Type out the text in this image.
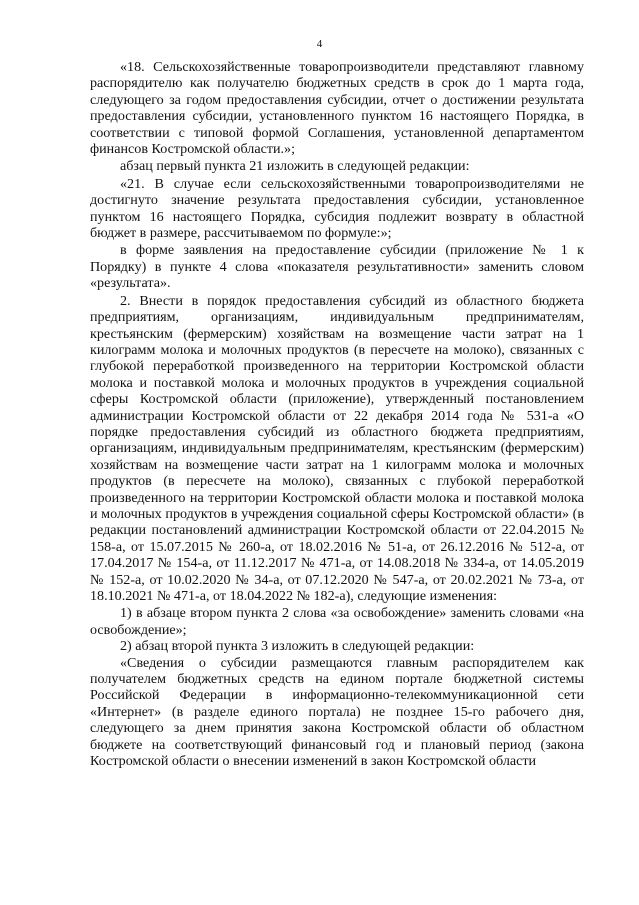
4

«18. Сельскохозяйственные товаропроизводители представляют главному распорядителю как получателю бюджетных средств в срок до 1 марта года, следующего за годом предоставления субсидии, отчет о достижении результата предоставления субсидии, установленного пунктом 16 настоящего Порядка, в соответствии с типовой формой Соглашения, установленной департаментом финансов Костромской области.»;

абзац первый пункта 21 изложить в следующей редакции:

«21. В случае если сельскохозяйственными товаропроизводителями не достигнуто значение результата предоставления субсидии, установленное пунктом 16 настоящего Порядка, субсидия подлежит возврату в областной бюджет в размере, рассчитываемом по формуле:»;

в форме заявления на предоставление субсидии (приложение № 1 к Порядку) в пункте 4 слова «показателя результативности» заменить словом «результата».

2. Внести в порядок предоставления субсидий из областного бюджета предприятиям, организациям, индивидуальным предпринимателям, крестьянским (фермерским) хозяйствам на возмещение части затрат на 1 килограмм молока и молочных продуктов (в пересчете на молоко), связанных с глубокой переработкой произведенного на территории Костромской области молока и поставкой молока и молочных продуктов в учреждения социальной сферы Костромской области (приложение), утвержденный постановлением администрации Костромской области от 22 декабря 2014 года № 531-а «О порядке предоставления субсидий из областного бюджета предприятиям, организациям, индивидуальным предпринимателям, крестьянским (фермерским) хозяйствам на возмещение части затрат на 1 килограмм молока и молочных продуктов (в пересчете на молоко), связанных с глубокой переработкой произведенного на территории Костромской области молока и поставкой молока и молочных продуктов в учреждения социальной сферы Костромской области» (в редакции постановлений администрации Костромской области от 22.04.2015 № 158-а, от 15.07.2015 № 260-а, от 18.02.2016 № 51-а, от 26.12.2016 № 512-а, от 17.04.2017 № 154-а, от 11.12.2017 № 471-а, от 14.08.2018 № 334-а, от 14.05.2019 № 152-а, от 10.02.2020 № 34-а, от 07.12.2020 № 547-а, от 20.02.2021 № 73-а, от 18.10.2021 № 471-а, от 18.04.2022 № 182-а), следующие изменения:

1) в абзаце втором пункта 2 слова «за освобождение» заменить словами «на освобождение»;

2) абзац второй пункта 3 изложить в следующей редакции:

«Сведения о субсидии размещаются главным распорядителем как получателем бюджетных средств на едином портале бюджетной системы Российской Федерации в информационно-телекоммуникационной сети «Интернет» (в разделе единого портала) не позднее 15-го рабочего дня, следующего за днем принятия закона Костромской области об областном бюджете на соответствующий финансовый год и плановый период (закона Костромской области о внесении изменений в закон Костромской области
